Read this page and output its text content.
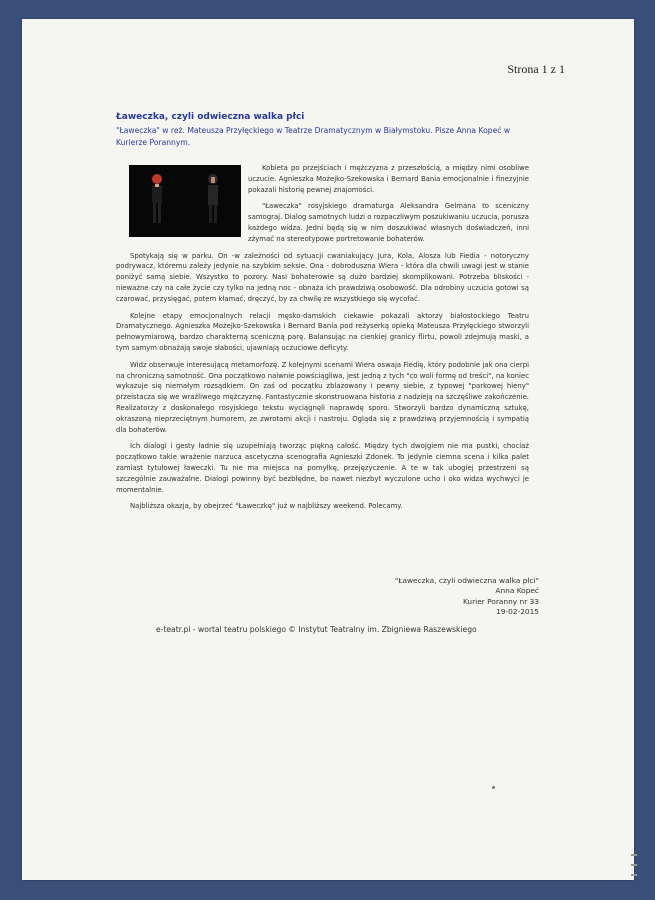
Strona 1 z 1
Ławeczka, czyli odwieczna walka płci
"Ławeczka" w reż. Mateusza Przyłęckiego w Teatrze Dramatycznym w Białymstoku. Pisze Anna Kopeć w Kurierze Porannym.

Kobieta po przejściach i mężczyzna z przeszłością, a między nimi osobliwe uczucie. Agnieszka Możejko-Szekowska i Bernard Bania emocjonalnie i finezyjnie pokazali historię pewnej znajomości.

"Ławeczka" rosyjskiego dramaturga Aleksandra Gelmana to sceniczny samograj. Dialog samotnych ludzi o rozpaczliwym poszukiwaniu uczucia, porusza każdego widza. Jedni będą się w nim doszukiwać własnych doświadczeń, inni zżymać na stereotypowe portretowanie bohaterów.

Spotykają się w parku. On -w zależności od sytuacji cwaniakujący Jura, Kola, Alosza lub Fiedia - notoryczny podrywacz, któremu zależy jedynie na szybkim seksie. Ona - dobroduszna Wiera - która dla chwili uwagi jest w stanie poniżyć samą siebie. Wszystko to pozory. Nasi bohaterowie są dużo bardziej skomplikowani. Potrzeba bliskości - nieważne czy na całe życie czy tylko na jedną noc - obnaża ich prawdziwą osobowość. Dla odrobiny uczucia gotowi są czarować, przysięgać, potem kłamać, dręczyć, by za chwilę ze wszystkiego się wycofać.

Kolejne etapy emocjonalnych relacji męsko-damskich ciekawie pokazali aktorzy białostockiego Teatru Dramatycznego. Agnieszka Możejko-Szekowska i Bernard Bania pod reżyserką opieką Mateusza Przyłęckiego stworzyli pełnowymiarową, bardzo charakterną sceniczną parę. Balansując na cienkiej granicy flirtu, powoli zdejmują maski, a tym samym obnażają swoje słabości, ujawniają uczuciowe deficyty.

Widz obserwuje interesującą metamorfozę. Z kolejnymi scenami Wiera oswaja Fiedię, który podobnie jak ona cierpi na chroniczną samotność. Ona początkowo naiwnie powściągliwa, jest jedną z tych "co woli formę od treści", na koniec wykazuje się niemałym rozsądkiem. On zaś od początku zblazowany i pewny siebie, z typowej "parkowej hieny" przeistacza się we wrażliwego mężczyznę. Fantastycznie skonstruowana historia z nadzieją na szczęśliwe zakończenie. Realizatorzy z doskonałego rosyjskiego tekstu wyciągnęli naprawdę sporo. Stworzyli bardzo dynamiczną sztukę, okraszoną nieprzeciętnym humorem, ze zwrotami akcji i nastroju. Ogląda się z prawdziwą przyjemnością i sympatią dla bohaterów.

Ich dialogi i gesty ładnie się uzupełniają tworząc piękną całość. Między tych dwojgiem nie ma pustki, chociaż początkowo takie wrażenie narzuca ascetyczna scenografia Agnieszki Zdonek. To jedynie ciemna scena i kilka palet zamiast tytułowej ławeczki. Tu nie ma miejsca na pomyłkę, przejęzyczenie. A te w tak ubogiej przestrzeni są szczególnie zauważalne. Dialogi powinny być bezbłędne, bo nawet niezbyt wyczulone ucho i oko widza wychwyci je momentalnie.

Najbliższa okazja, by obejrzeć "Ławeczkę" już w najbliższy weekend. Polecamy.

"Ławeczka, czyli odwieczna walka płci"
Anna Kopeć
Kurier Poranny nr 33
19-02-2015
e-teatr.pl - wortal teatru polskiego © Instytut Teatralny im. Zbigniewa Raszewskiego
